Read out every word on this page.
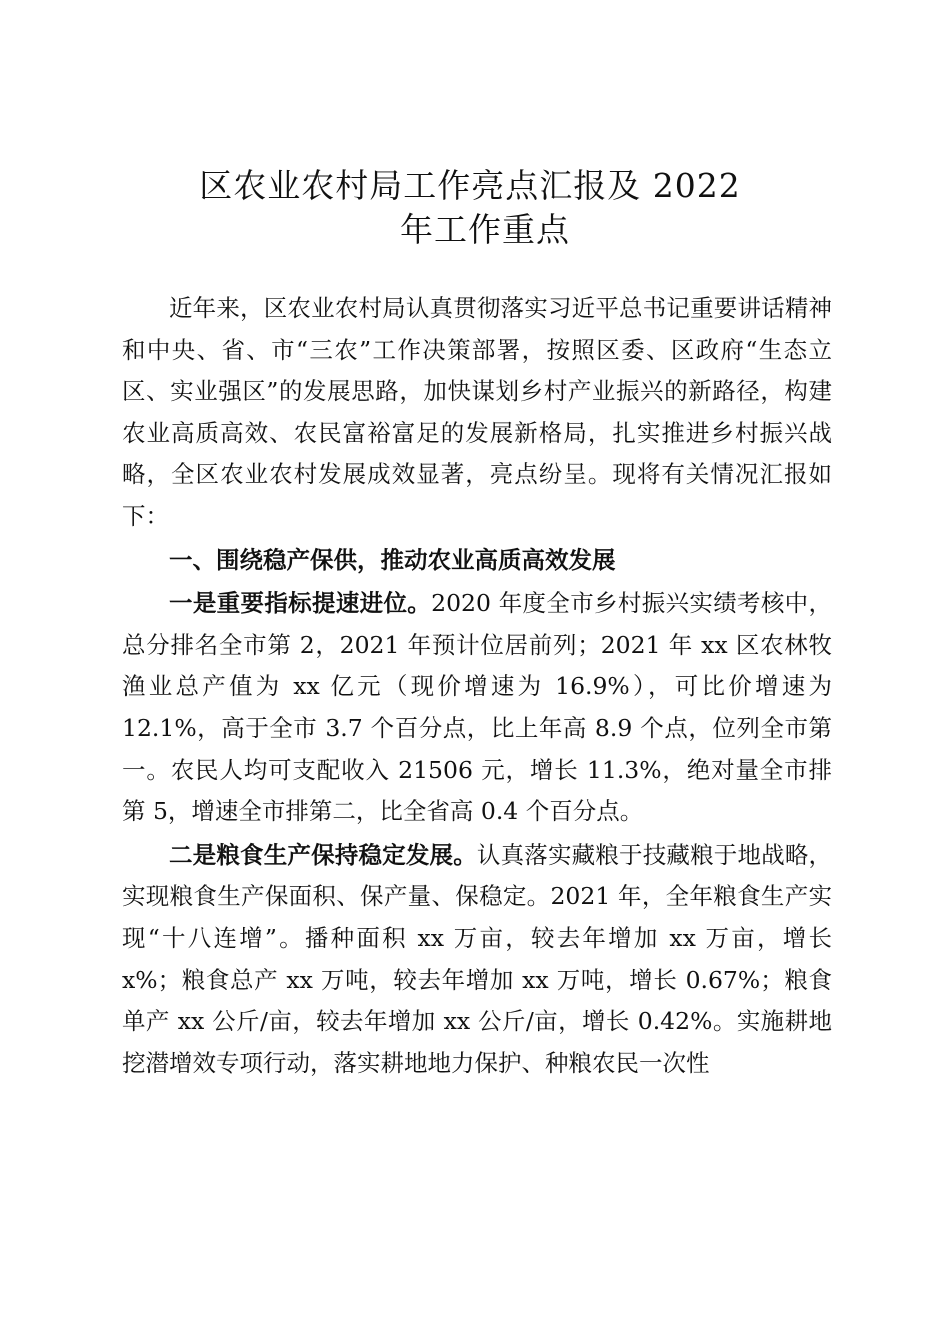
区农业农村局工作亮点汇报及 2022
年工作重点

近年来，区农业农村局认真贯彻落实习近平总书记重要讲话精神和中央、省、市“三农”工作决策部署，按照区委、区政府“生态立区、实业强区”的发展思路，加快谋划乡村产业振兴的新路径，构建农业高质高效、农民富裕富足的发展新格局，扎实推进乡村振兴战略，全区农业农村发展成效显著，亮点纷呈。现将有关情况汇报如下：

一、围绕稳产保供，推动农业高质高效发展

一是重要指标提速进位。2020 年度全市乡村振兴实绩考核中，总分排名全市第 2，2021 年预计位居前列；2021 年 xx 区农林牧渔业总产值为 xx 亿元（现价增速为 16.9%），可比价增速为 12.1%，高于全市 3.7 个百分点，比上年高 8.9 个点，位列全市第一。农民人均可支配收入 21506 元，增长 11.3%，绝对量全市排第 5，增速全市排第二，比全省高 0.4 个百分点。

二是粮食生产保持稳定发展。认真落实藏粮于技藏粮于地战略，实现粮食生产保面积、保产量、保稳定。2021 年，全年粮食生产实现“十八连增”。播种面积 xx 万亩，较去年增加 xx 万亩，增长 x%；粮食总产 xx 万吨，较去年增加 xx 万吨，增长 0.67%；粮食单产 xx 公斤/亩，较去年增加 xx 公斤/亩，增长 0.42%。实施耕地挖潜增效专项行动，落实耕地地力保护、种粮农民一次性
